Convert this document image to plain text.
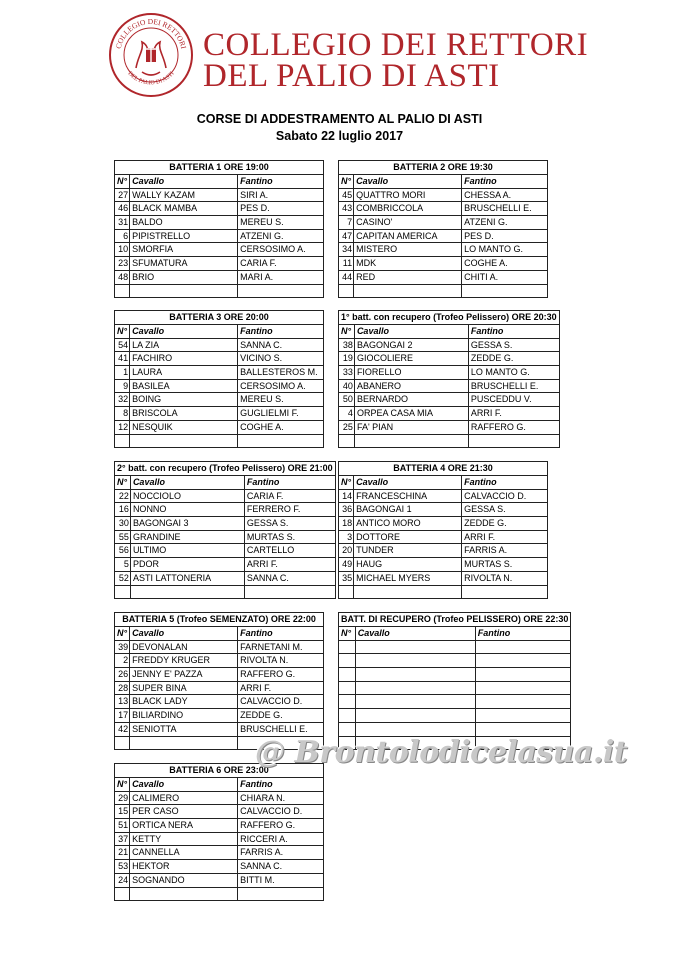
COLLEGIO DEI RETTORI
DEL PALIO DI ASTI
COLLEGIO DEI RETTORI
DEL PALIO DI ASTI
CORSE DI ADDESTRAMENTO AL PALIO DI ASTI
Sabato 22 luglio 2017
BATTERIA 1 ORE 19:00		
N°	Cavallo	Fantino
27	WALLY KAZAM	SIRI A.
46	BLACK MAMBA	PES D.
31	BALDO	MEREU S.
6	PIPISTRELLO	ATZENI G.
10	SMORFIA	CERSOSIMO A.
23	SFUMATURA	CARIA F.
48	BRIO	MARI A.

BATTERIA 2 ORE 19:30		
N°	Cavallo	Fantino
45	QUATTRO MORI	CHESSA A.
43	COMBRICCOLA	BRUSCHELLI E.
7	CASINO'	ATZENI G.
47	CAPITAN AMERICA	PES D.
34	MISTERO	LO MANTO G.
11	MDK	COGHE A.
44	RED	CHITI A.

BATTERIA 3 ORE 20:00		
N°	Cavallo	Fantino
54	LA ZIA	SANNA C.
41	FACHIRO	VICINO S.
1	LAURA	BALLESTEROS M.
9	BASILEA	CERSOSIMO A.
32	BOING	MEREU S.
8	BRISCOLA	GUGLIELMI F.
12	NESQUIK	COGHE A.

1° batt. con recupero (Trofeo Pelissero) ORE 20:30		
N°	Cavallo	Fantino
38	BAGONGAI 2	GESSA S.
19	GIOCOLIERE	ZEDDE G.
33	FIORELLO	LO MANTO G.
40	ABANERO	BRUSCHELLI E.
50	BERNARDO	PUSCEDDU V.
4	ORPEA CASA MIA	ARRI F.
25	FA' PIAN	RAFFERO G.

2° batt. con recupero (Trofeo Pelissero) ORE 21:00		
N°	Cavallo	Fantino
22	NOCCIOLO	CARIA F.
16	NONNO	FERRERO F.
30	BAGONGAI 3	GESSA S.
55	GRANDINE	MURTAS S.
56	ULTIMO	CARTELLO
5	PDOR	ARRI F.
52	ASTI LATTONERIA	SANNA C.

BATTERIA 4 ORE 21:30		
N°	Cavallo	Fantino
14	FRANCESCHINA	CALVACCIO D.
36	BAGONGAI 1	GESSA S.
18	ANTICO MORO	ZEDDE G.
3	DOTTORE	ARRI F.
20	TUNDER	FARRIS A.
49	HAUG	MURTAS S.
35	MICHAEL MYERS	RIVOLTA N.

BATTERIA 5 (Trofeo SEMENZATO) ORE 22:00		
N°	Cavallo	Fantino
39	DEVONALAN	FARNETANI M.
2	FREDDY KRUGER	RIVOLTA N.
26	JENNY E' PAZZA	RAFFERO G.
28	SUPER BINA	ARRI F.
13	BLACK LADY	CALVACCIO D.
17	BILIARDINO	ZEDDE G.
42	SENIOTTA	BRUSCHELLI E.

BATT. DI RECUPERO (Trofeo PELISSERO) ORE 22:30		
N°	Cavallo	Fantino

BATTERIA 6 ORE 23:00		
N°	Cavallo	Fantino
29	CALIMERO	CHIARA N.
15	PER CASO	CALVACCIO D.
51	ORTICA NERA	RAFFERO G.
37	KETTY	RICCERI A.
21	CANNELLA	FARRIS A.
53	HEKTOR	SANNA C.
24	SOGNANDO	BITTI M.

@ Brontolodicelasua.it
